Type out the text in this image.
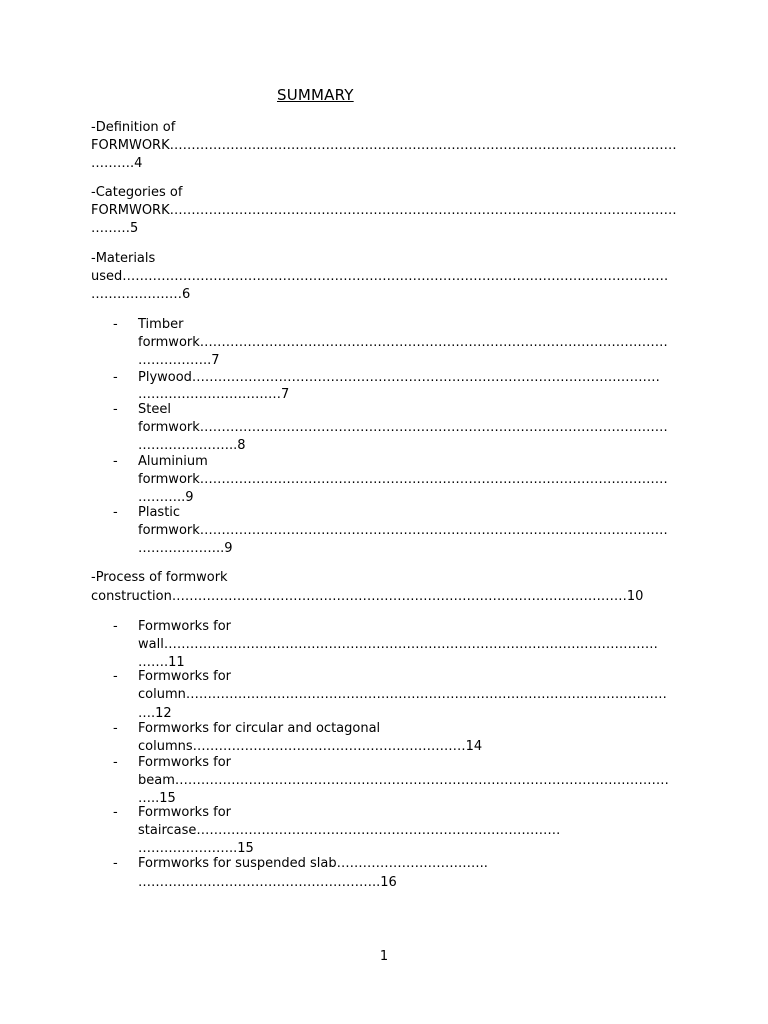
SUMMARY
-Definition of
FORMWORK………………………………………………………………………………………………………
……….4
-Categories of
FORMWORK………………………………………………………………………………………………………
………5
-Materials
used………………………………………………………………………………………………………………
…………………6
- Timber
formwork………………………………………………………………………………………………
……………..7
- Plywood………………………………………………………………………………………………
……………………………7
- Steel
formwork………………………………………………………………………………………………
…………………..8
- Aluminium
formwork………………………………………………………………………………………………
………..9
- Plastic
formwork………………………………………………………………………………………………
………………..9
-Process of formwork
construction……………………………………………………………………………………………10
- Formworks for
wall……………………………………………………………………………………………………
…….11
- Formworks for
column…………………………………………………………………………………………………
….12
- Formworks for circular and octagonal
columns………………………………………………………14
- Formworks for
beam……………………………………………………………………………………………………
…..15
- Formworks for
staircase…………………………………………………………………………
…………………..15
- Formworks for suspended slab……………………………..
………………………………………………..16
1
